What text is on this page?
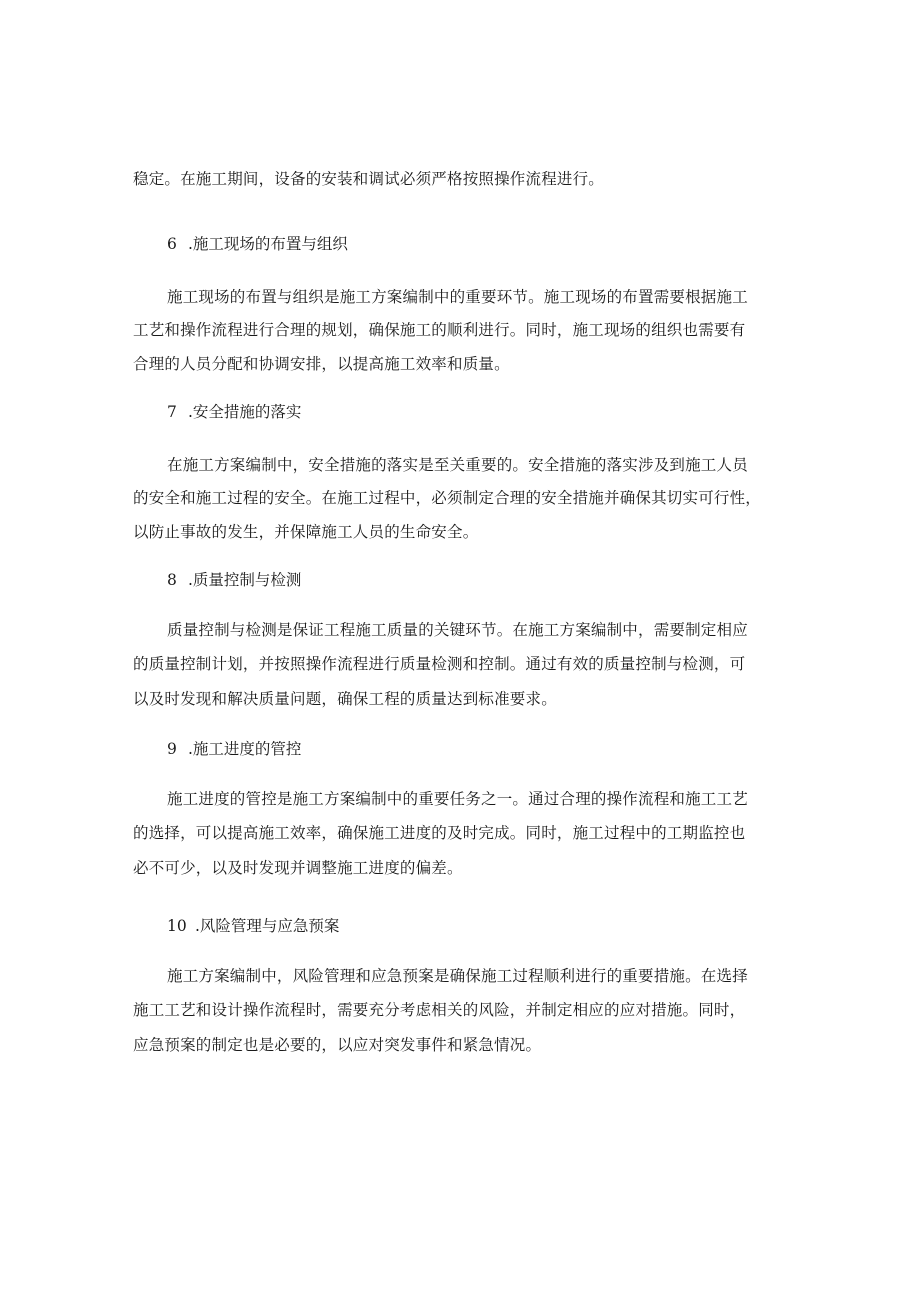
稳定。在施工期间，设备的安装和调试必须严格按照操作流程进行。
6 .施工现场的布置与组织
施工现场的布置与组织是施工方案编制中的重要环节。施工现场的布置需要根据施工
工艺和操作流程进行合理的规划，确保施工的顺利进行。同时，施工现场的组织也需要有
合理的人员分配和协调安排，以提高施工效率和质量。
7 .安全措施的落实
在施工方案编制中，安全措施的落实是至关重要的。安全措施的落实涉及到施工人员
的安全和施工过程的安全。在施工过程中，必须制定合理的安全措施并确保其切实可行性，
以防止事故的发生，并保障施工人员的生命安全。
8 .质量控制与检测
质量控制与检测是保证工程施工质量的关键环节。在施工方案编制中，需要制定相应
的质量控制计划，并按照操作流程进行质量检测和控制。通过有效的质量控制与检测，可
以及时发现和解决质量问题，确保工程的质量达到标准要求。
9 .施工进度的管控
施工进度的管控是施工方案编制中的重要任务之一。通过合理的操作流程和施工工艺
的选择，可以提高施工效率，确保施工进度的及时完成。同时，施工过程中的工期监控也
必不可少，以及时发现并调整施工进度的偏差。
10 .风险管理与应急预案
施工方案编制中，风险管理和应急预案是确保施工过程顺利进行的重要措施。在选择
施工工艺和设计操作流程时，需要充分考虑相关的风险，并制定相应的应对措施。同时，
应急预案的制定也是必要的，以应对突发事件和紧急情况。
